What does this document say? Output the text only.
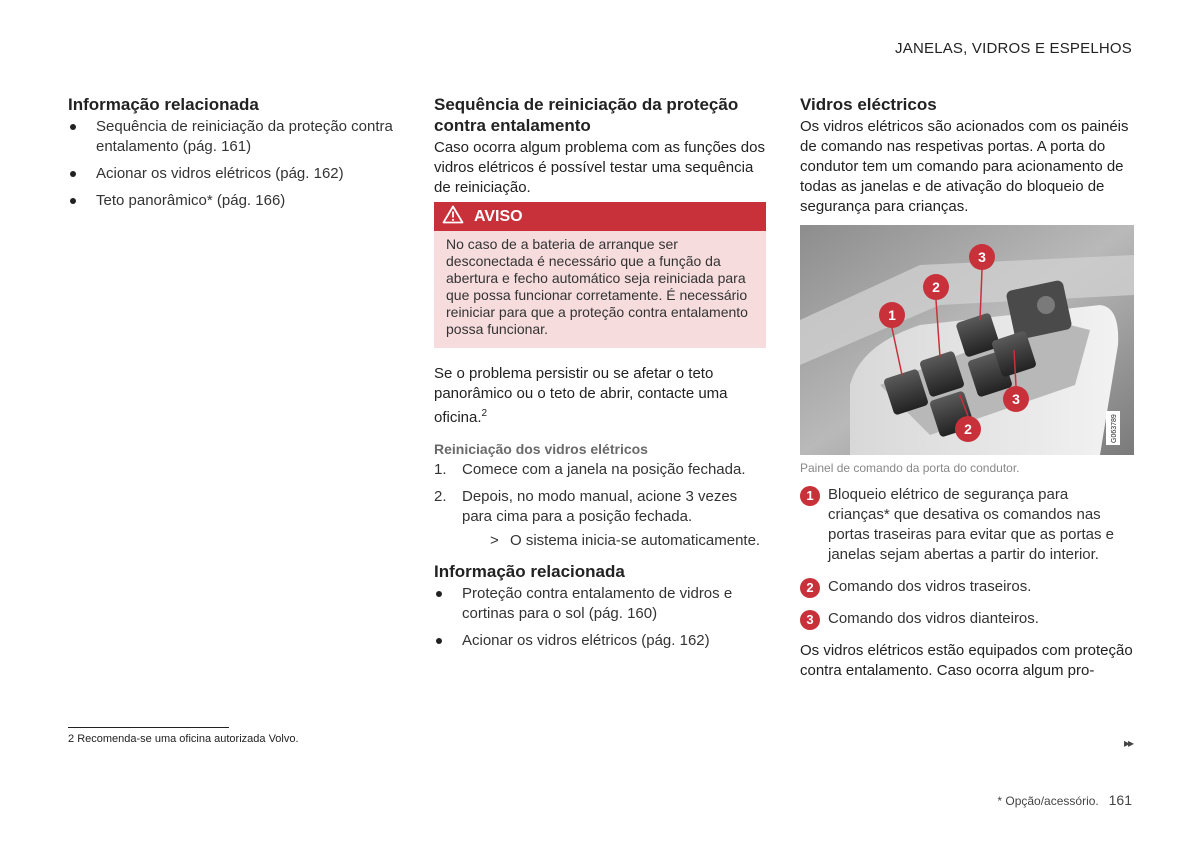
JANELAS, VIDROS E ESPELHOS
Informação relacionada
Sequência de reiniciação da proteção contra entalamento (pág. 161)
Acionar os vidros elétricos (pág. 162)
Teto panorâmico* (pág. 166)
Sequência de reiniciação da proteção contra entalamento

Caso ocorra algum problema com as funções dos vidros elétricos é possível testar uma sequência de reiniciação.

AVISO
No caso de a bateria de arranque ser desconectada é necessário que a função da abertura e fecho automático seja reiniciada para que possa funcionar corretamente. É necessário reiniciar para que a proteção contra entalamento possa funcionar.

Se o problema persistir ou se afetar o teto panorâmico ou o teto de abrir, contacte uma oficina.$^2$

Reiniciação dos vidros elétricos
1. Comece com a janela na posição fechada.
2. Depois, no modo manual, acione 3 vezes para cima para a posição fechada.
> O sistema inicia-se automaticamente.
Informação relacionada
Proteção contra entalamento de vidros e cortinas para o sol (pág. 160)
Acionar os vidros elétricos (pág. 162)
Vidros eléctricos

Os vidros elétricos são acionados com os painéis de comando nas respetivas portas. A porta do condutor tem um comando para acionamento de todas as janelas e de ativação do bloqueio de segurança para crianças.

G063789
1
2
3
3
2
Painel de comando da porta do condutor.
1 Bloqueio elétrico de segurança para crianças* que desativa os comandos nas portas traseiras para evitar que as portas e janelas sejam abertas a partir do interior.
2 Comando dos vidros traseiros.
3 Comando dos vidros dianteiros.

Os vidros elétricos estão equipados com proteção contra entalamento. Caso ocorra algum pro-

2 Recomenda-se uma oficina autorizada Volvo.	▸▸
* Opção/acessório. 161
